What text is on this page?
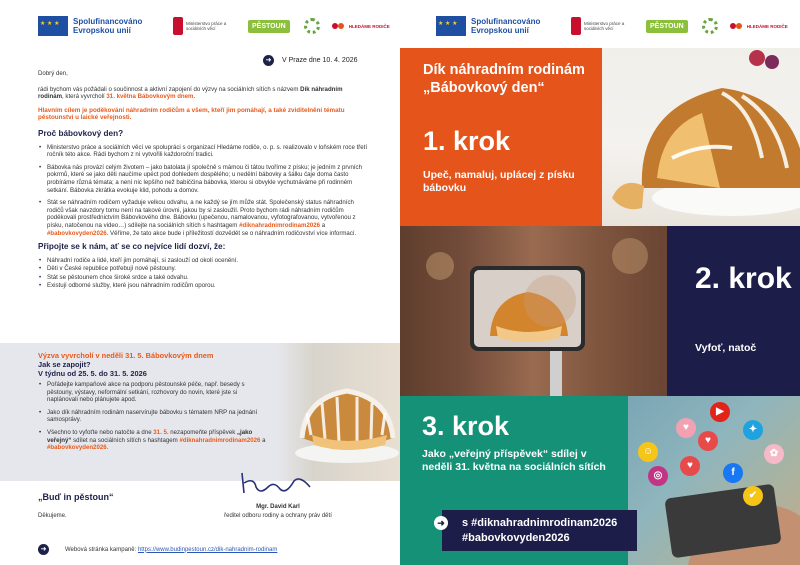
★ ★ ★
Spolufinancováno Evropskou unií
Ministerstvo práce a sociálních věcí	PĚSTOUN	HLEDÁME RODIČE
➜	V Praze dne 10. 4. 2026

Dobrý den,

rádi bychom vás požádali o součinnost a aktivní zapojení do výzvy na sociálních sítích s názvem Dík náhradním rodinám, která vyvrcholí 31. května Bábovkovým dnem.

Hlavním cílem je poděkování náhradním rodičům a všem, kteří jim pomáhají, a také zviditelnění tématu pěstounství u laické veřejnosti.

Proč bábovkový den?
• Ministerstvo práce a sociálních věcí ve spolupráci s organizací Hledáme rodiče, o. p. s. realizovalo v loňském roce třetí ročník této akce. Rádi bychom z ní vytvořili každoroční tradici.
• Bábovka nás provází celým životem – jako batolata jí společně s mámou či tátou tvoříme z písku; je jedním z prvních pokrmů, které se jako děti naučíme upéct pod dohledem dospělého; u nedělní bábovky a šálku čaje doma často probíráme různá témata; a není nic lepšího než babiččina bábovka, kterou si obvykle vychutnáváme při rodinném setkání. Bábovka zkrátka evokuje klid, pohodu a domov.
• Stát se náhradním rodičem vyžaduje velkou odvahu, a ne každý se jím může stát. Společenský status náhradních rodičů však navzdory tomu není na takové úrovni, jakou by si zasloužil. Proto bychom rádi náhradním rodičům poděkovali prostřednictvím Bábovkového dne. Bábovku (upečenou, namalovanou, vyfotografovanou, vytvořenou z písku, natočenou na video…) sdílejte na sociálních sítích s hashtagem #diknahradnimrodinam2026 a #babovkovyden2026. Věříme, že tato akce bude i příležitostí dozvědět se o náhradním rodičovství více informací.
Připojte se k nám, ať se co nejvíce lidí dozví, že:
• Náhradní rodiče a lidé, kteří jim pomáhají, si zaslouží od okolí ocenění.
• Děti v České republice potřebují nové pěstouny.
• Stát se pěstounem chce široké srdce a také odvahu.
• Existují odborné služby, které jsou náhradním rodičům oporou.
Výzva vyvrcholí v neděli 31. 5. Bábovkovým dnem
Jak se zapojit?
V týdnu od 25. 5. do 31. 5. 2026
• Pořádejte kampaňové akce na podporu pěstounské péče, např. besedy s pěstouny, výstavy, neformální setkání, rozhovory do novin, které jste si naplánovali nebo plánujete apod.
• Jako dík náhradním rodinám naservírujte bábovku s tématem NRP na jednání samosprávy.
• Všechno to vyfoťte nebo natočte a dne 31. 5. nezapomeňte příspěvek „jako veřejný“ sdílet na sociálních sítích s hashtagem #diknahradnimrodinam2026 a #babovkovyden2026.
„Buď in pěstoun“
Děkujeme.
Mgr. David Karl
ředitel odboru rodiny a ochrany práv dětí
➜	Webová stránka kampaně: https://www.budinpestoun.cz/dik-nahradnim-rodinam
★ ★ ★
Spolufinancováno Evropskou unií
Ministerstvo práce a sociálních věcí	PĚSTOUN	HLEDÁME RODIČE
Dík náhradním rodinám „Bábovkový den“
1. krok
Upeč, namaluj, uplácej z písku bábovku
2. krok
Vyfoť, natoč
3. krok
Jako „veřejný příspěvek“ sdílej v neděli 31. května na sociálních sítích
▶
♥	✦
♥
☺	✿
◎	f
♥
✔
➜ s #diknahradnimrodinam2026
#babovkovyden2026
